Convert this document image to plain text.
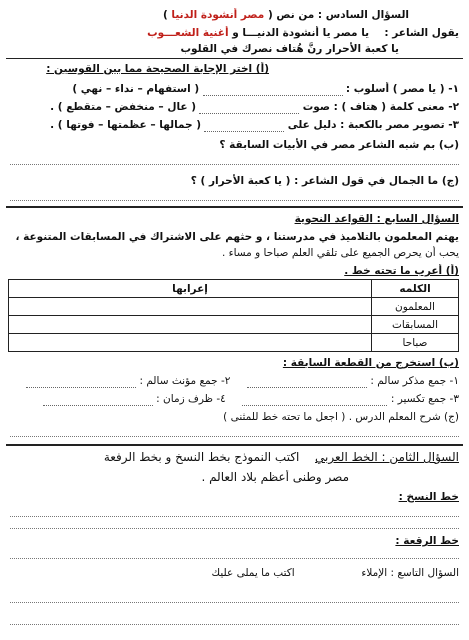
السؤال السادس : من نص ( مصر أنشودة الدنيا )
يقول الشاعر :  يا مصر يا أنشودة الدنيـــا و أغنية الشعـــوب
يا كعبة الأحرار رنَّ هُتاف نصرك في القلوب
(أ) اختر الإجابة الصحيحة مما بين القوسين :
١- ( يا مصر ) أسلوب :  ( استفهام – نداء – نهي )
٢- معنى كلمة ( هتاف ) : صوت  ( عال – منخفض – متقطع ) .
٣- تصوير مصر بالكعبة : دليل على  ( جمالها – عظمتها – فوتها ) .
(ب) بم شبه الشاعر مصر في الأبيات السابقة ؟
(ج) ما الجمال في قول الشاعر : ( يا كعبة الأحرار ) ؟
السؤال السابع : القواعد النحوية
يهتم المعلمون بالتلاميذ في مدرستنا ، و حثهم على الاشتراك في المسابقات المتنوعة ،
يحب أن يحرص الجميع على تلقي العلم صباحا و مساء .
(أ) أعرب ما تحته خط .
الكلمه	إعرابها
المعلمون	
المسابقات	
صباحا	
(ب) استخرج من القطعة السابقة :
١- جمع مذكر سالم :   ٢- جمع مؤنث سالم :
٣- جمع تكسير :   ٤- ظرف زمان :
(ج) شرح المعلم الدرس . ( اجعل ما تحته خط للمثنى )
السؤال الثامن : الخط العربي  اكتب النموذج بخط النسخ و بخط الرفعة
مصر وطنى أعظم بلاد العالم .
خط النسخ :
خط الرقعة :
السؤال التاسع : الإملاء  اكتب ما يملى عليك
